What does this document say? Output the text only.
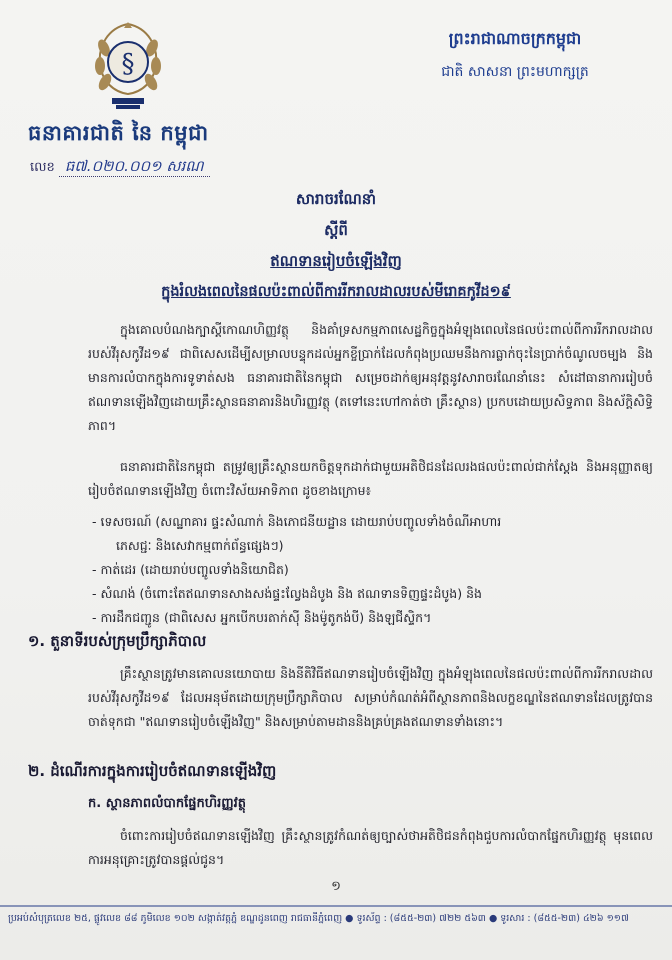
§
ធនាគារជាតិ នៃ កម្ពុជា
លេខ ធ៧.០២០.០០១ សរណ
ព្រះរាជាណាចក្រកម្ពុជា
ជាតិ សាសនា ព្រះមហាក្សត្រ
សារាចរណែនាំ
ស្តីពី
ឥណទានរៀបចំឡើងវិញ
ក្នុងរំលងពេលនៃផលប៉ះពាល់ពីការរីករាលដាលរបស់មីរោគកូវីដ១៩
ក្នុងគោលបំណងក្បាស្តីកោណហិញ្ញវត្ថុ និងគាំទ្រសកម្មភាពសេដ្ឋកិច្ចក្នុងអំឡុងពេលនៃផលប៉ះពាល់ពីការរីករាលដាលរបស់វីរុសកូវីដ១៩ ជាពិសេសដើម្បីសម្រាលបន្ទុកដល់អ្នកខ្ចីប្រាក់ដែលកំពុងប្រឈមនឹងការធ្លាក់ចុះនៃប្រាក់ចំណូលចម្បង និងមានការលំបាកក្នុងការទូទាត់សង ធនាគារជាតិនៃកម្ពុជា សម្រេចដាក់ឲ្យអនុវត្តនូវសារាចរណែនាំនេះ សំដៅធានាការរៀបចំឥណទានឡើងវិញដោយគ្រឹះស្ថានធនាគារនិងហិរញ្ញវត្ថុ (តទៅនេះហៅកាត់ថា គ្រឹះស្ថាន) ប្រកបដោយប្រសិទ្ធភាព និងស័ក្តិសិទ្ធិភាព។
ធនាគារជាតិនៃកម្ពុជា តម្រូវឲ្យគ្រឹះស្ថានយកចិត្តទុកដាក់ជាមួយអតិថិជនដែលរងផលប៉ះពាល់ជាក់ស្តែង និងអនុញ្ញាតឲ្យរៀបចំឥណទានឡើងវិញ ចំពោះវិស័យអាទិភាព ដូចខាងក្រោម៖
- ទេសចរណ៍ (សណ្ឋាគារ ផ្ទះសំណាក់ និងភោជនីយដ្ឋាន ដោយរាប់បញ្ចូលទាំងចំណីអាហារ
ភេសជ្ជៈ និងសេវាកម្មពាក់ព័ន្ធផ្សេងៗ)
- កាត់ដេរ (ដោយរាប់បញ្ចូលទាំងនិយោជិត)
- សំណង់ (ចំពោះតែឥណទានសាងសង់ផ្ទះល្វែងដំបូង និង ឥណទានទិញផ្ទះដំបូង) និង
- ការដឹកជញ្ជូន (ជាពិសេស អ្នកបើកបរតាក់ស៊ី និងម៉ូតូកង់បី) និងឡជីស្ទិក។
១. តួនាទីរបស់ក្រុមប្រឹក្សាភិបាល
គ្រឹះស្ថានត្រូវមានគោលនយោបាយ និងនីតិវិធីឥណទានរៀបចំឡើងវិញ ក្នុងអំឡុងពេលនៃផលប៉ះពាល់ពីការរីករាលដាលរបស់វីរុសកូវីដ១៩ ដែលអនុម័តដោយក្រុមប្រឹក្សាភិបាល សម្រាប់កំណត់អំពីស្ថានភាពនិងលក្ខខណ្ឌនៃឥណទានដែលត្រូវបានចាត់ទុកជា "ឥណទានរៀបចំឡើងវិញ" និងសម្រាប់តាមដាននិងគ្រប់គ្រងឥណទានទាំងនោះ។
២. ដំណើរការក្នុងការរៀបចំឥណទានឡើងវិញ
ក. ស្ថានភាពលំបាកផ្នែកហិរញ្ញវត្ថុ
ចំពោះការរៀបចំឥណទានឡើងវិញ គ្រឹះស្ថានត្រូវកំណត់ឲ្យច្បាស់ថាអតិថិជនកំពុងជួបការលំបាកផ្នែកហិរញ្ញវត្ថុ មុនពេលការអនុគ្រោះត្រូវបានផ្តល់ជូន។
១
ប្រអប់សំបុត្រលេខ ២៥, ផ្លូវលេខ ៨៨ ភូមិលេខ ១០២ សង្កាត់វត្តភ្នំ ខណ្ឌដូនពេញ រាជធានីភ្នំពេញ ● ទូរស័ព្ទ : (៨៥៥-២៣) ៧២២ ៥៦៣ ● ទូរសារ : (៨៥៥-២៣) ៤២៦ ១១៧
